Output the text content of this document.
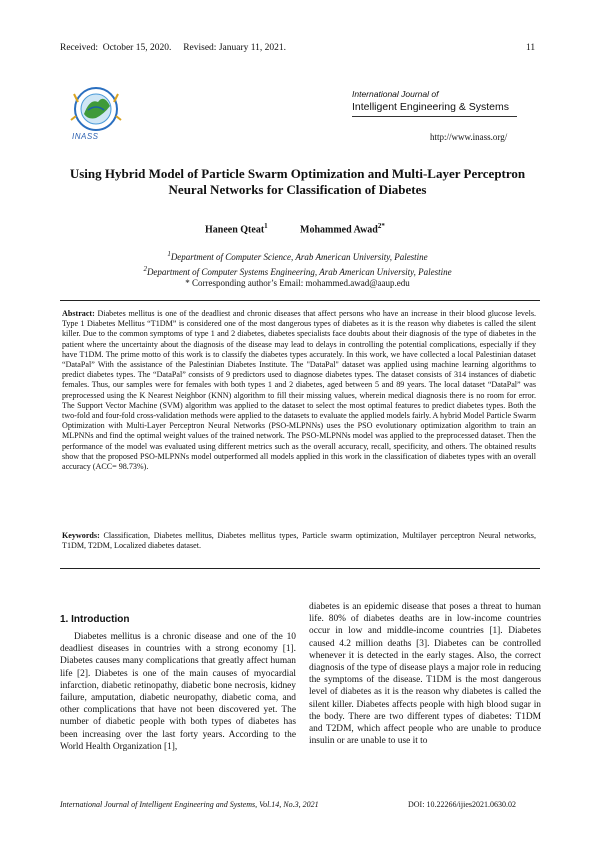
Received:  October 15, 2020.     Revised: January 11, 2021.	11
INASS
International Journal of
Intelligent Engineering & Systems
http://www.inass.org/
Using Hybrid Model of Particle Swarm Optimization and Multi-Layer Perceptron Neural Networks for Classification of Diabetes
Haneen Qteat$^1$	Mohammed Awad$^{2*}$
$^1$Department of Computer Science, Arab American University, Palestine
$^2$Department of Computer Systems Engineering, Arab American University, Palestine
* Corresponding author’s Email: mohammed.awad@aaup.edu
Abstract: Diabetes mellitus is one of the deadliest and chronic diseases that affect persons who have an increase in their blood glucose levels. Type 1 Diabetes Mellitus “T1DM” is considered one of the most dangerous types of diabetes as it is the reason why diabetes is called the silent killer. Due to the common symptoms of type 1 and 2 diabetes, diabetes specialists face doubts about their diagnosis of the type of diabetes in the patient where the uncertainty about the diagnosis of the disease may lead to delays in controlling the potential complications, especially if they have T1DM. The prime motto of this work is to classify the diabetes types accurately. In this work, we have collected a local Palestinian dataset “DataPal” With the assistance of the Palestinian Diabetes Institute. The "DataPal" dataset was applied using machine learning algorithms to predict diabetes types. The “DataPal” consists of 9 predictors used to diagnose diabetes types. The dataset consists of 314 instances of diabetic females. Thus, our samples were for females with both types 1 and 2 diabetes, aged between 5 and 89 years. The local dataset “DataPal” was preprocessed using the K Nearest Neighbor (KNN) algorithm to fill their missing values, wherein medical diagnosis there is no room for error. The Support Vector Machine (SVM) algorithm was applied to the dataset to select the most optimal features to predict diabetes types. Both the two-fold and four-fold cross-validation methods were applied to the datasets to evaluate the applied models fairly. A hybrid Model Particle Swarm Optimization with Multi-Layer Perceptron Neural Networks (PSO-MLPNNs) uses the PSO evolutionary optimization algorithm to train an MLPNNs and find the optimal weight values of the trained network. The PSO-MLPNNs model was applied to the preprocessed dataset. Then the performance of the model was evaluated using different metrics such as the overall accuracy, recall, specificity, and others. The obtained results show that the proposed PSO-MLPNNs model outperformed all models applied in this work in the classification of diabetes types with an overall accuracy (ACC= 98.73%).
Keywords: Classification, Diabetes mellitus, Diabetes mellitus types, Particle swarm optimization, Multilayer perceptron Neural networks, T1DM, T2DM, Localized diabetes dataset.
1. Introduction

Diabetes mellitus is a chronic disease and one of the 10 deadliest diseases in countries with a strong economy [1]. Diabetes causes many complications that greatly affect human life [2]. Diabetes is one of the main causes of myocardial infarction, diabetic retinopathy, diabetic bone necrosis, kidney failure, amputation, diabetic neuropathy, diabetic coma, and other complications that have not been discovered yet. The number of diabetic people with both types of diabetes has been increasing over the last forty years. According to the World Health Organization [1],

diabetes is an epidemic disease that poses a threat to human life. 80% of diabetes deaths are in low-income countries occur in low and middle-income countries [1]. Diabetes caused 4.2 million deaths [3]. Diabetes can be controlled whenever it is detected in the early stages. Also, the correct diagnosis of the type of disease plays a major role in reducing the symptoms of the disease. T1DM is the most dangerous level of diabetes as it is the reason why diabetes is called the silent killer. Diabetes affects people with high blood sugar in the body. There are two different types of diabetes: T1DM and T2DM, which affect people who are unable to produce insulin or are unable to use it to

International Journal of Intelligent Engineering and Systems, Vol.14, No.3, 2021	DOI: 10.22266/ijies2021.0630.02
